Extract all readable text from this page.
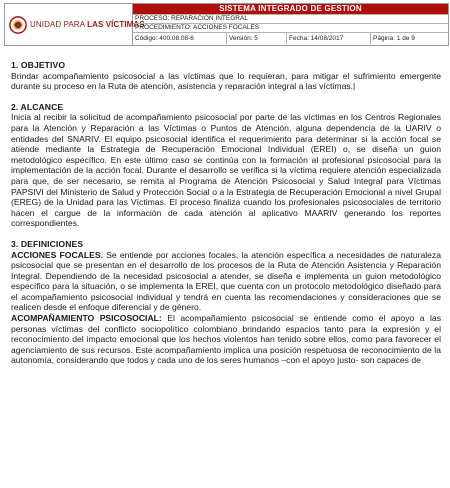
UNIDAD PARA LAS VÍCTIMAS
SISTEMA INTEGRADO DE GESTION
PROCESO: REPARACION INTEGRAL
PROCEDIMIENTO: ACCIONES FOCALES
Código: 400.08.08-6	Versión: 5	Fecha: 14/08/2017	Página: 1 de 9
1. OBJETIVO

Brindar acompañamiento psicosocial a las víctimas que lo requieran, para mitigar el sufrimiento emergente durante su proceso en la Ruta de atención, asistencia y reparación integral a las víctimas.|

2. ALCANCE

Inicia al recibir la solicitud de acompañamiento psicosocial por parte de las víctimas en los Centros Regionales para la Atención y Reparación a las Víctimas o Puntos de Atención, alguna dependencia de la UARIV o entidades del SNARIV. El equipo psicosocial identifica el requerimiento para determinar si la acción focal se atiende mediante la Estrategia de Recuperación Emocional Individual (EREI) o, se diseña un guion metodológico específico. En este último caso se continúa con la formación al profesional psicosocial para la implementación de la acción focal. Durante el desarrollo se verifica si la víctima requiere atención especializada para que, de ser necesario, se remita al Programa de Atención Psicosocial y Salud Integral para Víctimas PAPSIVI del Ministerio de Salud y Protección Social o a la Estrategia de Recuperación Emocional a nivel Grupal (EREG) de la Unidad para las Víctimas. El proceso finaliza cuando los profesionales psicosociales de territorio hacen el cargue de la información de cada atención al aplicativo MAARIV generando los reportes correspondientes.

3. DEFINICIONES

ACCIONES FOCALES. Se entiende por acciones focales, la atención específica a necesidades de naturaleza psicosocial que se presentan en el desarrollo de los procesos de la Ruta de Atención Asistencia y Reparación Integral. Dependiendo de la necesidad psicosocial a atender, se diseña e implementa un guion metodológico específico para la situación, o se implementa la EREI, que cuenta con un protocolo metodológico diseñado para el acompañamiento psicosocial individual y tendrá en cuenta las recomendaciones y consideraciones que se realicen desde el enfoque diferencial y de género.

ACOMPAÑAMIENTO PSICOSOCIAL: El acompañamiento psicosocial se entiende como el apoyo a las personas víctimas del conflicto sociopolítico colombiano brindando espacios tanto para la expresión y el reconocimiento del impacto emocional que los hechos violentos han tenido sobre ellos, como para favorecer el agenciamiento de sus recursos. Este acompañamiento implica una posición respetuosa de reconocimiento de la autonomía, considerando que todos y cada uno de los seres humanos –con el apoyo justo- son capaces de
